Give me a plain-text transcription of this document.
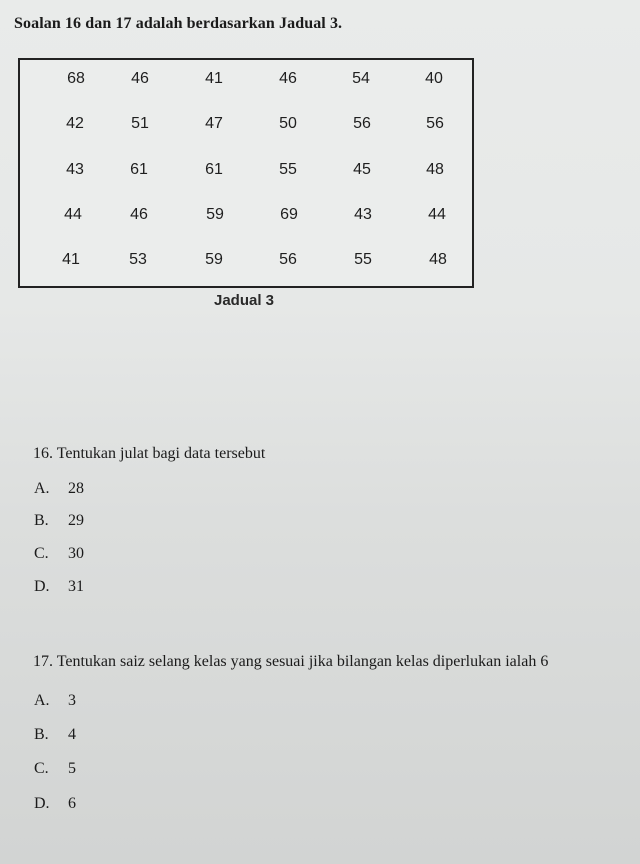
Soalan 16 dan 17 adalah berdasarkan Jadual 3.
68	46	41	46	54	40
42	51	47	50	56	56
43	61	61	55	45	48
44	46	59	69	43	44
41	53	59	56	55	48
Jadual 3
16. Tentukan julat bagi data tersebut
A. 28
B. 29
C. 30
D. 31
17. Tentukan saiz selang kelas yang sesuai jika bilangan kelas diperlukan ialah 6
A. 3
B. 4
C. 5
D. 6
